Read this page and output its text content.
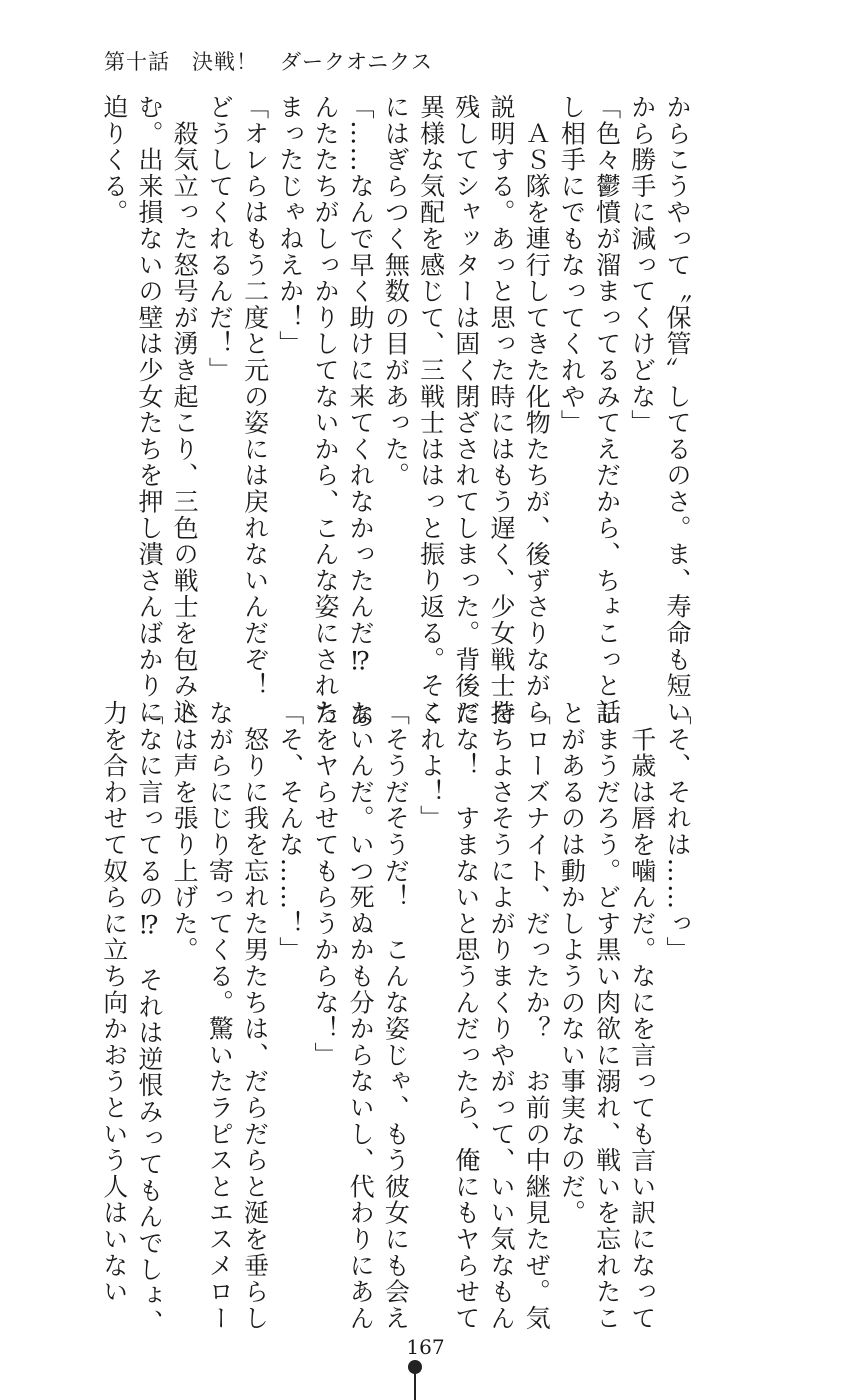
第十話　決戦！　ダークオニクス
からこうやって〝保管〟してるのさ。ま、寿命も短い
から勝手に減ってくけどな」
「色々鬱憤が溜まってるみてえだから、ちょこっと話
し相手にでもなってくれや」
　ＡＳ隊を連行してきた化物たちが、後ずさりながら
説明する。あっと思った時にはもう遅く、少女戦士を
残してシャッターは固く閉ざされてしまった。背後に
異様な気配を感じて、三戦士ははっと振り返る。そこ
にはぎらつく無数の目があった。
「……なんで早く助けに来てくれなかったんだ⁉　あ
んたたちがしっかりしてないから、こんな姿にされち
まったじゃねえか！」
「オレらはもう二度と元の姿には戻れないんだぞ！
どうしてくれるんだ！」
　殺気立った怒号が湧き起こり、三色の戦士を包み込
む。出来損ないの壁は少女たちを押し潰さんばかりに
迫りくる。
「そ、それは……っ」
　千歳は唇を噛んだ。なにを言っても言い訳になって
しまうだろう。どす黒い肉欲に溺れ、戦いを忘れたこ
とがあるのは動かしようのない事実なのだ。
「ローズナイト、だったか？　お前の中継見たぜ。気
持ちよさそうによがりまくりやがって、いい気なもん
だな！　すまないと思うんだったら、俺にもヤらせて
くれよ！」
「そうだそうだ！　こんな姿じゃ、もう彼女にも会え
ないんだ。いつ死ぬかも分からないし、代わりにあん
たをヤらせてもらうからな！」
「そ、そんな……！」
　怒りに我を忘れた男たちは、だらだらと涎を垂らし
ながらにじり寄ってくる。驚いたラピスとエスメロー
ドは声を張り上げた。
「なに言ってるの⁉　それは逆恨みってもんでしょ、
力を合わせて奴らに立ち向かおうという人はいない
167
